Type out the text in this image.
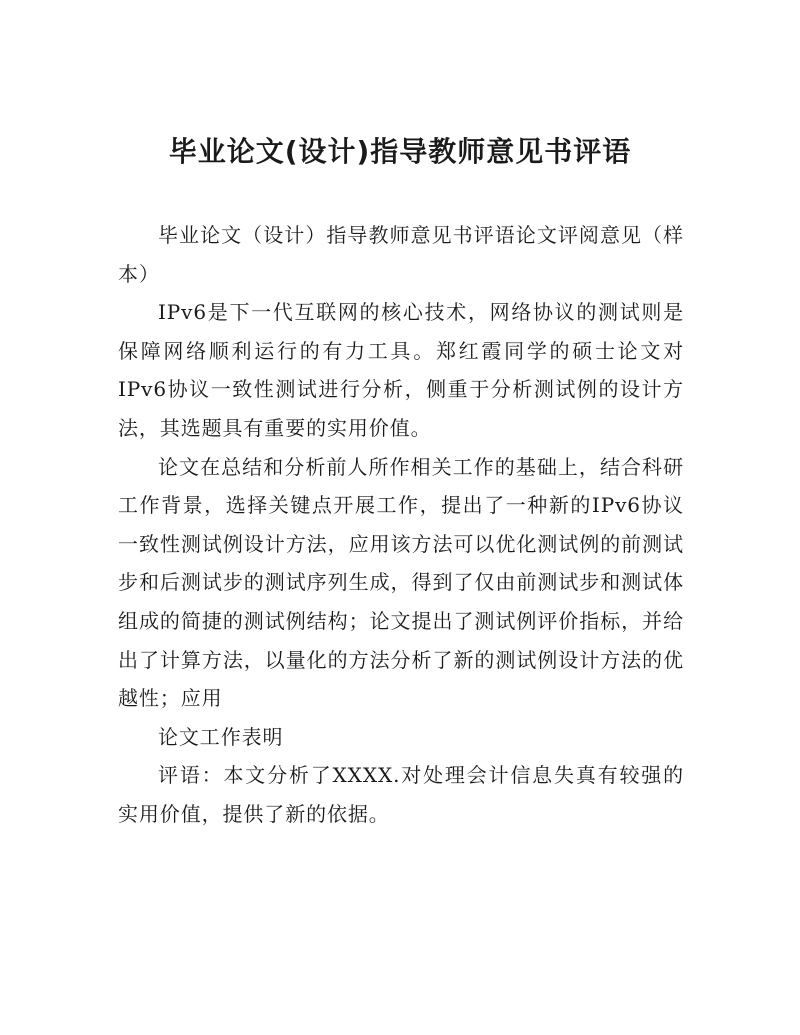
毕业论文(设计)指导教师意见书评语

毕业论文（设计）指导教师意见书评语论文评阅意见（样本）

IPv6是下一代互联网的核心技术，网络协议的测试则是保障网络顺利运行的有力工具。郑红霞同学的硕士论文对IPv6协议一致性测试进行分析，侧重于分析测试例的设计方法，其选题具有重要的实用价值。

论文在总结和分析前人所作相关工作的基础上，结合科研工作背景，选择关键点开展工作，提出了一种新的IPv6协议一致性测试例设计方法，应用该方法可以优化测试例的前测试步和后测试步的测试序列生成，得到了仅由前测试步和测试体组成的简捷的测试例结构；论文提出了测试例评价指标，并给出了计算方法，以量化的方法分析了新的测试例设计方法的优越性；应用

论文工作表明

评语：本文分析了XXXX.对处理会计信息失真有较强的实用价值，提供了新的依据。
